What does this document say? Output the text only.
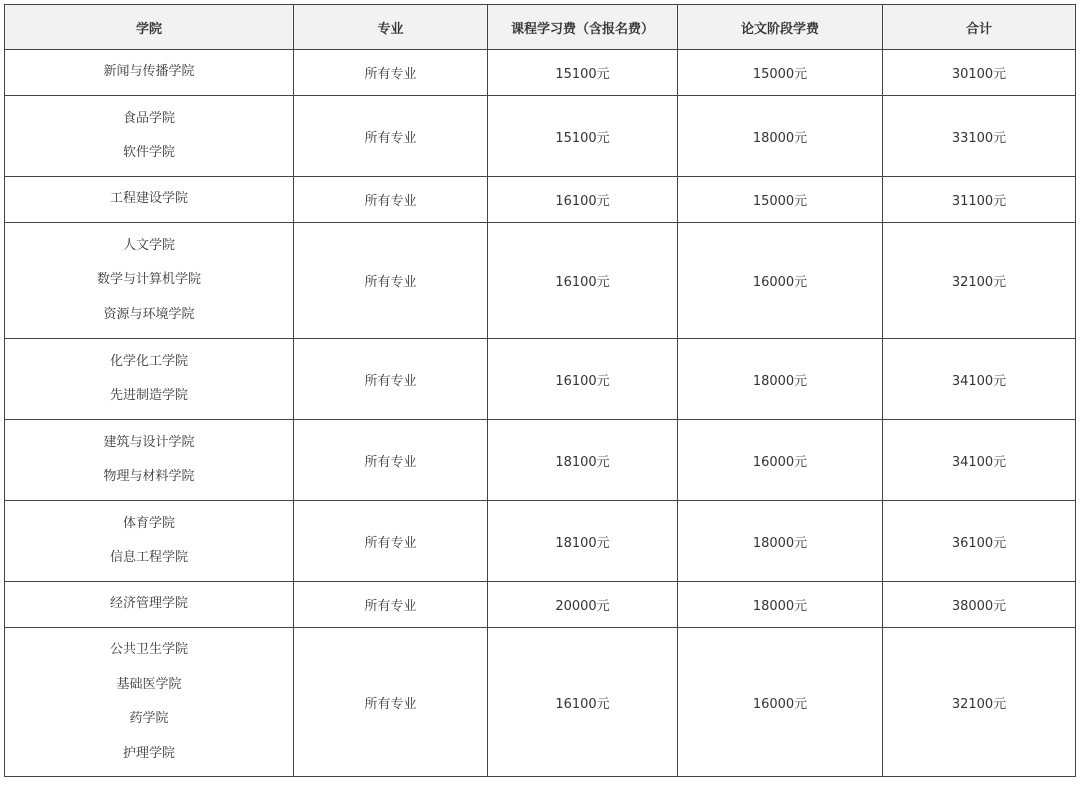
学院	专业	课程学习费（含报名费）	论文阶段学费	合计

新闻与传播学院	所有专业	15100元	15000元	30100元

食品学院
软件学院	所有专业	15100元	18000元	33100元

工程建设学院	所有专业	16100元	15000元	31100元

人文学院
数学与计算机学院
资源与环境学院	所有专业	16100元	16000元	32100元

化学化工学院
先进制造学院	所有专业	16100元	18000元	34100元

建筑与设计学院
物理与材料学院	所有专业	18100元	16000元	34100元

体育学院
信息工程学院	所有专业	18100元	18000元	36100元

经济管理学院	所有专业	20000元	18000元	38000元

公共卫生学院
基础医学院
药学院
护理学院	所有专业	16100元	16000元	32100元
